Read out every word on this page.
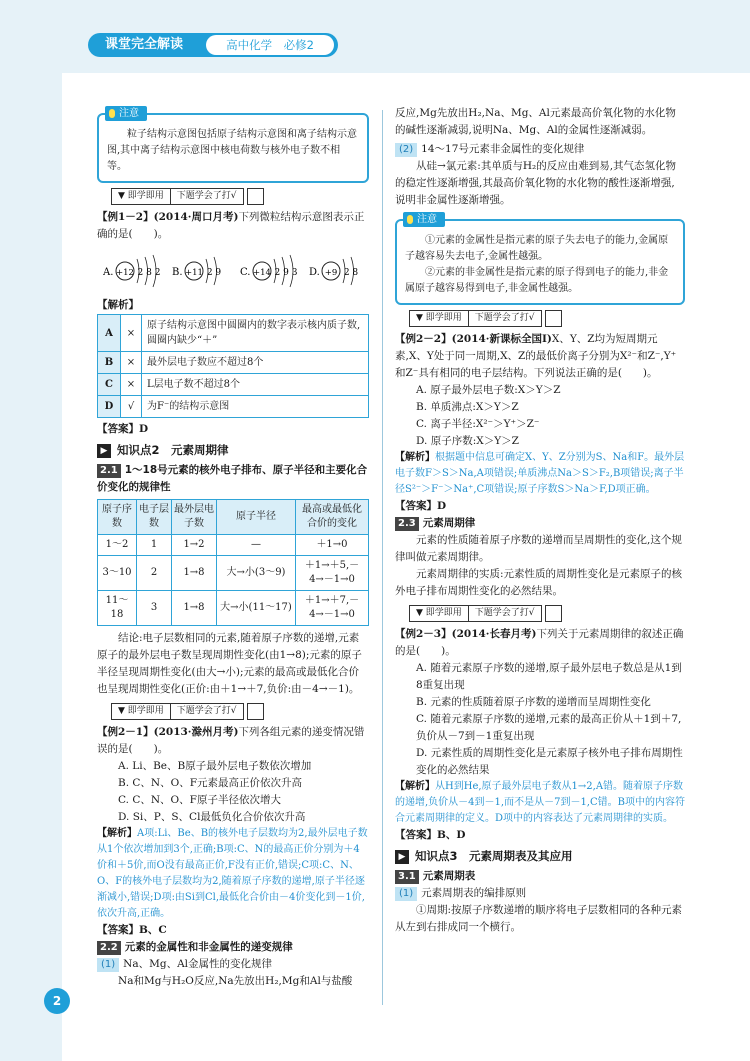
课堂完全解读	高中化学　必修2
注意

粒子结构示意图包括原子结构示意图和离子结构示意图,其中离子结构示意图中核电荷数与核外电子数不相等。

▼ 即学即用	下题学会了打√

【例1－2】(2014·周口月考)下列微粒结构示意图表示正确的是(　　)。

A. +12 2 8 2 B. +11 2 9 C. +14 2 9 3 D. +9 2 8

【解析】

A	×	原子结构示意图中圆圈内的数字表示核内质子数,圆圈内缺少“＋”
B	×	最外层电子数应不超过8个
C	×	L层电子数不超过8个
D	√	为F⁻的结构示意图

【答案】D

▶ 知识点2　元素周期律

2.1 1～18号元素的核外电子排布、原子半径和主要化合价变化的规律性

原子序数	电子层数	最外层电子数	原子半径	最高或最低化合价的变化
1～2	1	1→2	—	＋1→0
3～10	2	1→8	大→小(3～9)	＋1→＋5,－4→－1→0
11～18	3	1→8	大→小(11～17)	＋1→＋7,－4→－1→0

结论:电子层数相同的元素,随着原子序数的递增,元素原子的最外层电子数呈现周期性变化(由1→8);元素的原子半径呈现周期性变化(由大→小);元素的最高或最低化合价也呈现周期性变化(正价:由＋1→＋7,负价:由－4→－1)。

▼ 即学即用	下题学会了打√

【例2－1】(2013·滁州月考)下列各组元素的递变情况错误的是(　　)。

A. Li、Be、B原子最外层电子数依次增加

B. C、N、O、F元素最高正价依次升高

C. C、N、O、F原子半径依次增大

D. Si、P、S、Cl最低负化合价依次升高

【解析】A项:Li、Be、B的核外电子层数均为2,最外层电子数从1个依次增加到3个,正确;B项:C、N的最高正价分别为＋4价和＋5价,而O没有最高正价,F没有正价,错误;C项:C、N、O、F的核外电子层数均为2,随着原子序数的递增,原子半径逐渐减小,错误;D项:由Si到Cl,最低化合价由－4价变化到－1价,依次升高,正确。

【答案】B、C

2.2 元素的金属性和非金属性的递变规律

(1) Na、Mg、Al金属性的变化规律

Na和Mg与H₂O反应,Na先放出H₂,Mg和Al与盐酸

反应,Mg先放出H₂,Na、Mg、Al元素最高价氧化物的水化物的碱性逐渐减弱,说明Na、Mg、Al的金属性逐渐减弱。

(2) 14～17号元素非金属性的变化规律

从硅→氯元素:其单质与H₂的反应由难到易,其气态氢化物的稳定性逐渐增强,其最高价氧化物的水化物的酸性逐渐增强,说明非金属性逐渐增强。

注意

①元素的金属性是指元素的原子失去电子的能力,金属原子越容易失去电子,金属性越强。

②元素的非金属性是指元素的原子得到电子的能力,非金属原子越容易得到电子,非金属性越强。

▼ 即学即用	下题学会了打√

【例2－2】(2014·新课标全国Ⅰ)X、Y、Z均为短周期元素,X、Y处于同一周期,X、Z的最低价离子分别为X²⁻和Z⁻,Y⁺和Z⁻具有相同的电子层结构。下列说法正确的是(　　)。

A. 原子最外层电子数:X＞Y＞Z

B. 单质沸点:X＞Y＞Z

C. 离子半径:X²⁻＞Y⁺＞Z⁻

D. 原子序数:X＞Y＞Z

【解析】根据题中信息可确定X、Y、Z分别为S、Na和F。最外层电子数F＞S＞Na,A项错误;单质沸点Na＞S＞F₂,B项错误;离子半径S²⁻＞F⁻＞Na⁺,C项错误;原子序数S＞Na＞F,D项正确。

【答案】D

2.3 元素周期律

元素的性质随着原子序数的递增而呈周期性的变化,这个规律叫做元素周期律。

元素周期律的实质:元素性质的周期性变化是元素原子的核外电子排布周期性变化的必然结果。

▼ 即学即用	下题学会了打√

【例2－3】(2014·长春月考)下列关于元素周期律的叙述正确的是(　　)。

A. 随着元素原子序数的递增,原子最外层电子数总是从1到8重复出现

B. 元素的性质随着原子序数的递增而呈周期性变化

C. 随着元素原子序数的递增,元素的最高正价从＋1到＋7,负价从－7到－1重复出现

D. 元素性质的周期性变化是元素原子核外电子排布周期性变化的必然结果

【解析】从H到He,原子最外层电子数从1→2,A错。随着原子序数的递增,负价从－4到－1,而不是从－7到－1,C错。B项中的内容符合元素周期律的定义。D项中的内容表达了元素周期律的实质。

【答案】B、D

▶ 知识点3　元素周期表及其应用

3.1 元素周期表

(1) 元素周期表的编排原则

①周期:按原子序数递增的顺序将电子层数相同的各种元素从左到右排成同一个横行。

2
